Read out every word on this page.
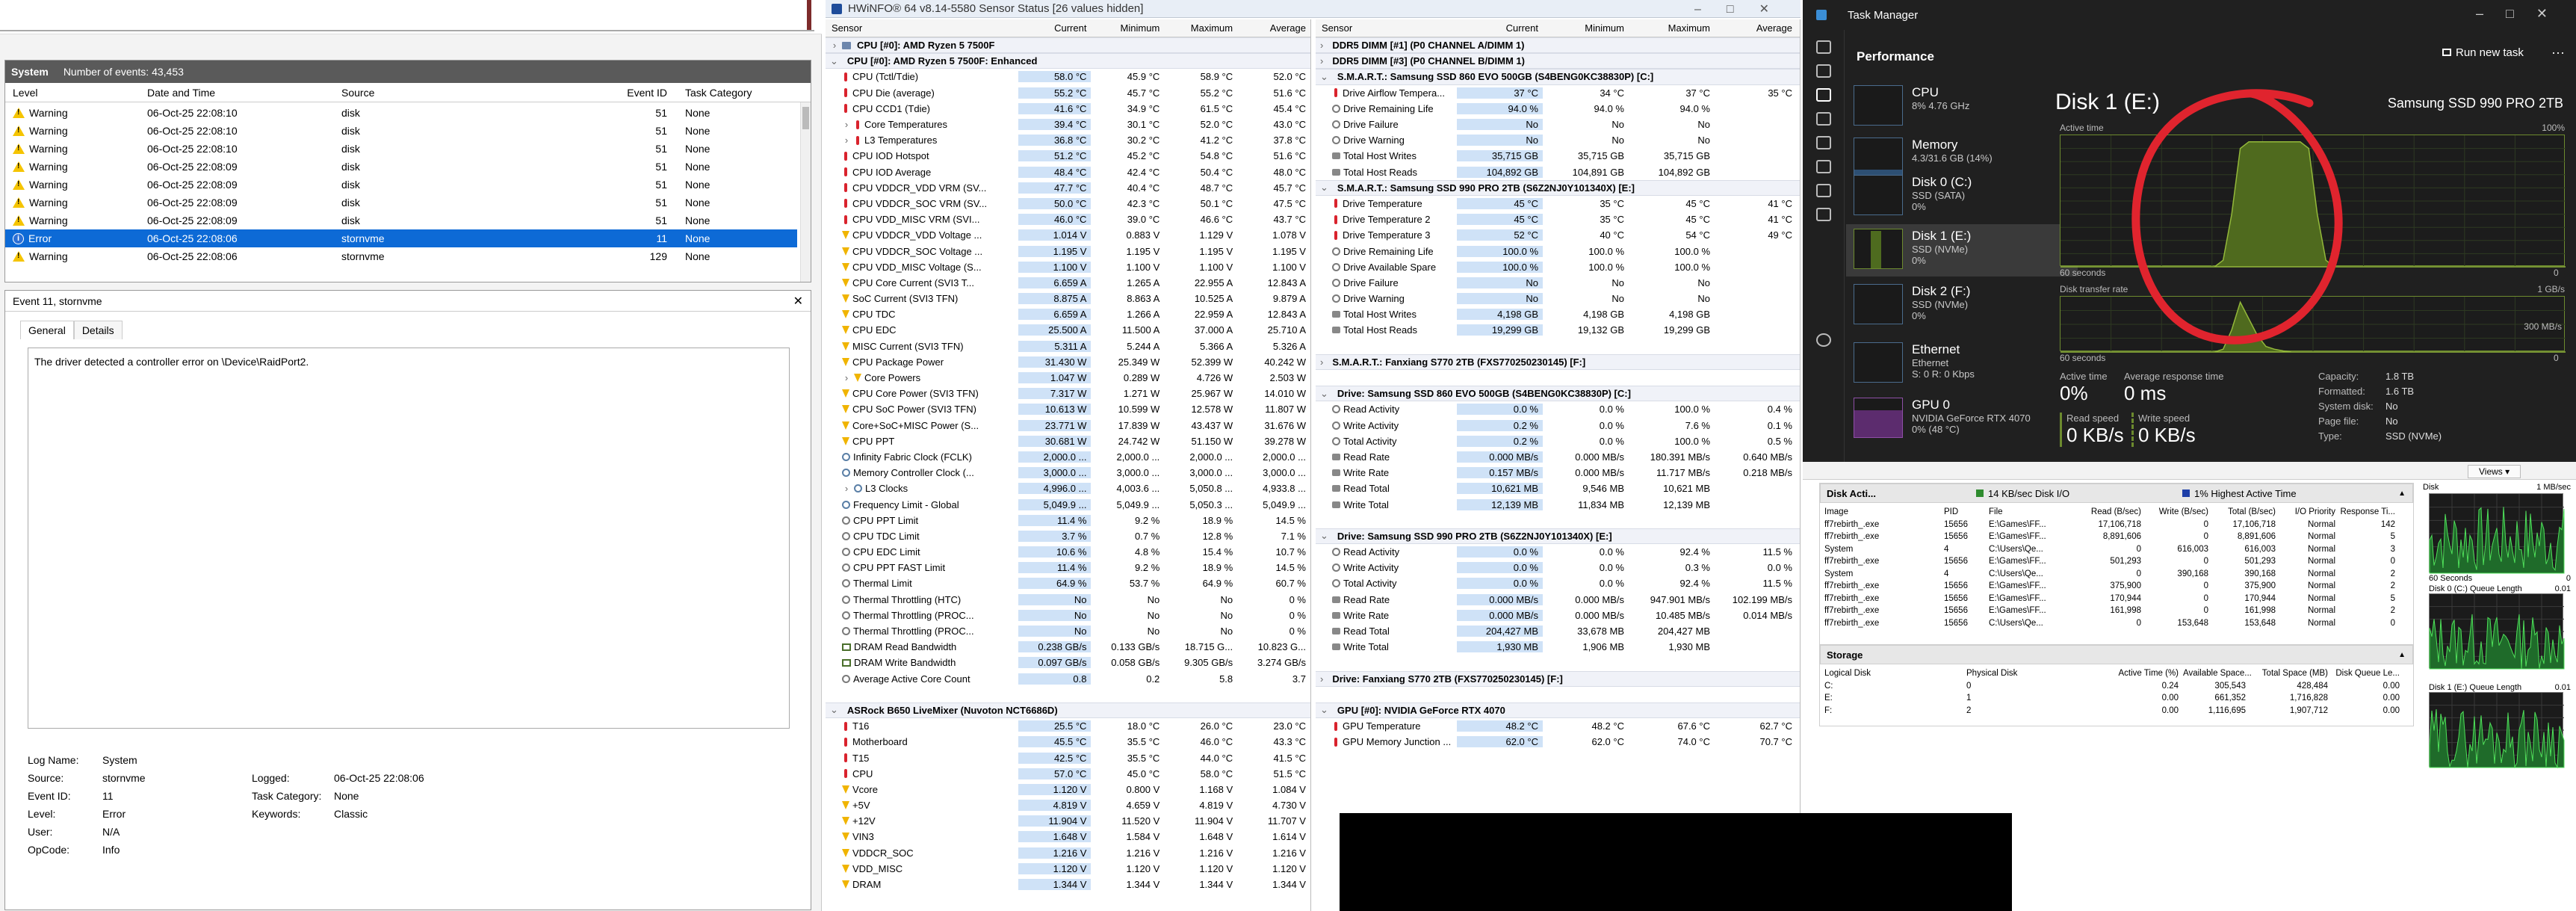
System Number of events: 43,453
Level	Date and Time	Source	Event ID	Task Category
!
Warning	06-Oct-25 22:08:10	disk	51	None
!
Warning	06-Oct-25 22:08:10	disk	51	None
!
Warning	06-Oct-25 22:08:10	disk	51	None
!
Warning	06-Oct-25 22:08:09	disk	51	None
!
Warning	06-Oct-25 22:08:09	disk	51	None
!
Warning	06-Oct-25 22:08:09	disk	51	None
!
Warning	06-Oct-25 22:08:09	disk	51	None
i Error	06-Oct-25 22:08:06	stornvme	11	None
!
Warning	06-Oct-25 22:08:06	stornvme	129	None
Event 11, stornvme	✕
General	Details
The driver detected a controller error on \Device\RaidPort2.
Log Name:	System
Source:	stornvme
Event ID:	11
Level:	Error
User:	N/A
OpCode:	Info
Logged:	06-Oct-25 22:08:06
Task Category:	None
Keywords:	Classic
HWiNFO® 64 v8.14-5580 Sensor Status [26 values hidden]	–□✕
Sensor	Current	Minimum	Maximum	Average
› CPU [#0]: AMD Ryzen 5 7500F
⌄ CPU [#0]: AMD Ryzen 5 7500F: Enhanced
CPU (Tctl/Tdie)	58.0 °C	45.9 °C	58.9 °C	52.0 °C
CPU Die (average)	55.2 °C	45.7 °C	55.2 °C	51.6 °C
CPU CCD1 (Tdie)	41.6 °C	34.9 °C	61.5 °C	45.4 °C
› Core Temperatures	39.4 °C	30.1 °C	52.0 °C	43.0 °C
› L3 Temperatures	36.8 °C	30.2 °C	41.2 °C	37.8 °C
CPU IOD Hotspot	51.2 °C	45.2 °C	54.8 °C	51.6 °C
CPU IOD Average	48.4 °C	42.4 °C	50.4 °C	48.0 °C
CPU VDDCR_VDD VRM (SV...	47.7 °C	40.4 °C	48.7 °C	45.7 °C
CPU VDDCR_SOC VRM (SV...	50.0 °C	42.3 °C	50.1 °C	47.5 °C
CPU VDD_MISC VRM (SVI...	46.0 °C	39.0 °C	46.6 °C	43.7 °C
CPU VDDCR_VDD Voltage ...	1.014 V	0.883 V	1.129 V	1.078 V
CPU VDDCR_SOC Voltage ...	1.195 V	1.195 V	1.195 V	1.195 V
CPU VDD_MISC Voltage (S...	1.100 V	1.100 V	1.100 V	1.100 V
CPU Core Current (SVI3 T...	6.659 A	1.265 A	22.955 A	12.843 A
SoC Current (SVI3 TFN)	8.875 A	8.863 A	10.525 A	9.879 A
CPU TDC	6.659 A	1.266 A	22.959 A	12.843 A
CPU EDC	25.500 A	11.500 A	37.000 A	25.710 A
MISC Current (SVI3 TFN)	5.311 A	5.244 A	5.366 A	5.326 A
CPU Package Power	31.430 W	25.349 W	52.399 W	40.242 W
› Core Powers	1.047 W	0.289 W	4.726 W	2.503 W
CPU Core Power (SVI3 TFN)	7.317 W	1.271 W	25.967 W	14.010 W
CPU SoC Power (SVI3 TFN)	10.613 W	10.599 W	12.578 W	11.807 W
Core+SoC+MISC Power (S...	23.771 W	17.839 W	43.437 W	31.676 W
CPU PPT	30.681 W	24.742 W	51.150 W	39.278 W
Infinity Fabric Clock (FCLK)	2,000.0 ...	2,000.0 ...	2,000.0 ...	2,000.0 ...
Memory Controller Clock (...	3,000.0 ...	3,000.0 ...	3,000.0 ...	3,000.0 ...
› L3 Clocks	4,996.0 ...	4,003.6 ...	5,050.8 ...	4,933.8 ...
Frequency Limit - Global	5,049.9 ...	5,049.9 ...	5,050.3 ...	5,049.9 ...
CPU PPT Limit	11.4 %	9.2 %	18.9 %	14.5 %
CPU TDC Limit	3.7 %	0.7 %	12.8 %	7.1 %
CPU EDC Limit	10.6 %	4.8 %	15.4 %	10.7 %
CPU PPT FAST Limit	11.4 %	9.2 %	18.9 %	14.5 %
Thermal Limit	64.9 %	53.7 %	64.9 %	60.7 %
Thermal Throttling (HTC)	No	No	No	0 %
Thermal Throttling (PROC...	No	No	No	0 %
Thermal Throttling (PROC...	No	No	No	0 %
DRAM Read Bandwidth	0.238 GB/s	0.133 GB/s	18.715 G...	10.823 G...
DRAM Write Bandwidth	0.097 GB/s	0.058 GB/s	9.305 GB/s	3.274 GB/s
Average Active Core Count	0.8	0.2	5.8	3.7
⌄ ASRock B650 LiveMixer (Nuvoton NCT6686D)
T16	25.5 °C	18.0 °C	26.0 °C	23.0 °C
Motherboard	45.5 °C	35.5 °C	46.0 °C	43.3 °C
T15	42.5 °C	35.5 °C	44.0 °C	41.5 °C
CPU	57.0 °C	45.0 °C	58.0 °C	51.5 °C
Vcore	1.120 V	0.800 V	1.168 V	1.084 V
+5V	4.819 V	4.659 V	4.819 V	4.730 V
+12V	11.904 V	11.520 V	11.904 V	11.707 V
VIN3	1.648 V	1.584 V	1.648 V	1.614 V
VDDCR_SOC	1.216 V	1.216 V	1.216 V	1.216 V
VDD_MISC	1.120 V	1.120 V	1.120 V	1.120 V
DRAM	1.344 V	1.344 V	1.344 V	1.344 V
Sensor	Current	Minimum	Maximum	Average
› DDR5 DIMM [#1] (P0 CHANNEL A/DIMM 1)
› DDR5 DIMM [#3] (P0 CHANNEL B/DIMM 1)
⌄ S.M.A.R.T.: Samsung SSD 860 EVO 500GB (S4BENG0KC38830P) [C:]
Drive Airflow Tempera...	37 °C	34 °C	37 °C	35 °C
Drive Remaining Life	94.0 %	94.0 %	94.0 %
Drive Failure	No	No	No
Drive Warning	No	No	No
Total Host Writes	35,715 GB	35,715 GB	35,715 GB
Total Host Reads	104,892 GB	104,891 GB	104,892 GB
⌄ S.M.A.R.T.: Samsung SSD 990 PRO 2TB (S6Z2NJ0Y101340X) [E:]
Drive Temperature	45 °C	35 °C	45 °C	41 °C
Drive Temperature 2	45 °C	35 °C	45 °C	41 °C
Drive Temperature 3	52 °C	40 °C	54 °C	49 °C
Drive Remaining Life	100.0 %	100.0 %	100.0 %
Drive Available Spare	100.0 %	100.0 %	100.0 %
Drive Failure	No	No	No
Drive Warning	No	No	No
Total Host Writes	4,198 GB	4,198 GB	4,198 GB
Total Host Reads	19,299 GB	19,132 GB	19,299 GB
› S.M.A.R.T.: Fanxiang S770 2TB (FXS770250230145) [F:]
⌄ Drive: Samsung SSD 860 EVO 500GB (S4BENG0KC38830P) [C:]
Read Activity	0.0 %	0.0 %	100.0 %	0.4 %
Write Activity	0.2 %	0.0 %	7.6 %	0.1 %
Total Activity	0.2 %	0.0 %	100.0 %	0.5 %
Read Rate	0.000 MB/s	0.000 MB/s	180.391 MB/s	0.640 MB/s
Write Rate	0.157 MB/s	0.000 MB/s	11.717 MB/s	0.218 MB/s
Read Total	10,621 MB	9,546 MB	10,621 MB
Write Total	12,139 MB	11,834 MB	12,139 MB
⌄ Drive: Samsung SSD 990 PRO 2TB (S6Z2NJ0Y101340X) [E:]
Read Activity	0.0 %	0.0 %	92.4 %	11.5 %
Write Activity	0.0 %	0.0 %	0.3 %	0.0 %
Total Activity	0.0 %	0.0 %	92.4 %	11.5 %
Read Rate	0.000 MB/s	0.000 MB/s	947.901 MB/s	102.199 MB/s
Write Rate	0.000 MB/s	0.000 MB/s	10.485 MB/s	0.014 MB/s
Read Total	204,427 MB	33,678 MB	204,427 MB
Write Total	1,930 MB	1,906 MB	1,930 MB
› Drive: Fanxiang S770 2TB (FXS770250230145) [F:]
⌄ GPU [#0]: NVIDIA GeForce RTX 4070
GPU Temperature	48.2 °C	48.2 °C	67.6 °C	62.7 °C
GPU Memory Junction ...	62.0 °C	62.0 °C	74.0 °C	70.7 °C
Task Manager	–□✕
Performance	Run new task ···
CPU
8% 4.76 GHz
Memory
4.3/31.6 GB (14%)
Disk 0 (C:)
SSD (SATA)
0%
Disk 1 (E:)
SSD (NVMe)
0%
Disk 2 (F:)
SSD (NVMe)
0%
Ethernet
Ethernet
S: 0 R: 0 Kbps
GPU 0
NVIDIA GeForce RTX 4070
0% (48 °C)
Disk 1 (E:)	Samsung SSD 990 PRO 2TB
Active time	100%
60 seconds	0
Disk transfer rate	1 GB/s
300 MB/s
60 seconds	0
Active time
0%
Average response time
0 ms
Read speed
0 KB/s
Write speed
0 KB/s
Capacity:	1.8 TB
Formatted:	1.6 TB
System disk:	No
Page file:	No
Type:	SSD (NVMe)
Views ▾
Disk Acti...	14 KB/sec Disk I/O	1% Highest Active Time	▲
Image	PID	File	Read (B/sec)	Write (B/sec)	Total (B/sec)	I/O Priority Response Ti...
ff7rebirth_.exe	15656	E:\Games\FF...	17,106,718	0	17,106,718	Normal	142
ff7rebirth_.exe	15656	E:\Games\FF...	8,891,606	0	8,891,606	Normal	5
System	4	C:\Users\Qe...	0	616,003	616,003	Normal	3
ff7rebirth_.exe	15656	E:\Games\FF...	501,293	0	501,293	Normal	0
System	4	C:\Users\Qe...	0	390,168	390,168	Normal	2
ff7rebirth_.exe	15656	E:\Games\FF...	375,900	0	375,900	Normal	2
ff7rebirth_.exe	15656	E:\Games\FF...	170,944	0	170,944	Normal	5
ff7rebirth_.exe	15656	E:\Games\FF...	161,998	0	161,998	Normal	2
ff7rebirth_.exe	15656	C:\Users\Qe...	0	153,648	153,648	Normal	0
Storage	▲
Logical Disk	Physical Disk	Active Time (%) Available Space...	Total Space (MB) Disk Queue Le...
C:	0	0.24	305,543	428,484	0.00
E:	1	0.00	661,352	1,716,828	0.00
F:	2	0.00	1,116,695	1,907,712	0.00
Disk	1 MB/sec
60 Seconds	0
Disk 0 (C:) Queue Length	0.01
Disk 1 (E:) Queue Length	0.01
